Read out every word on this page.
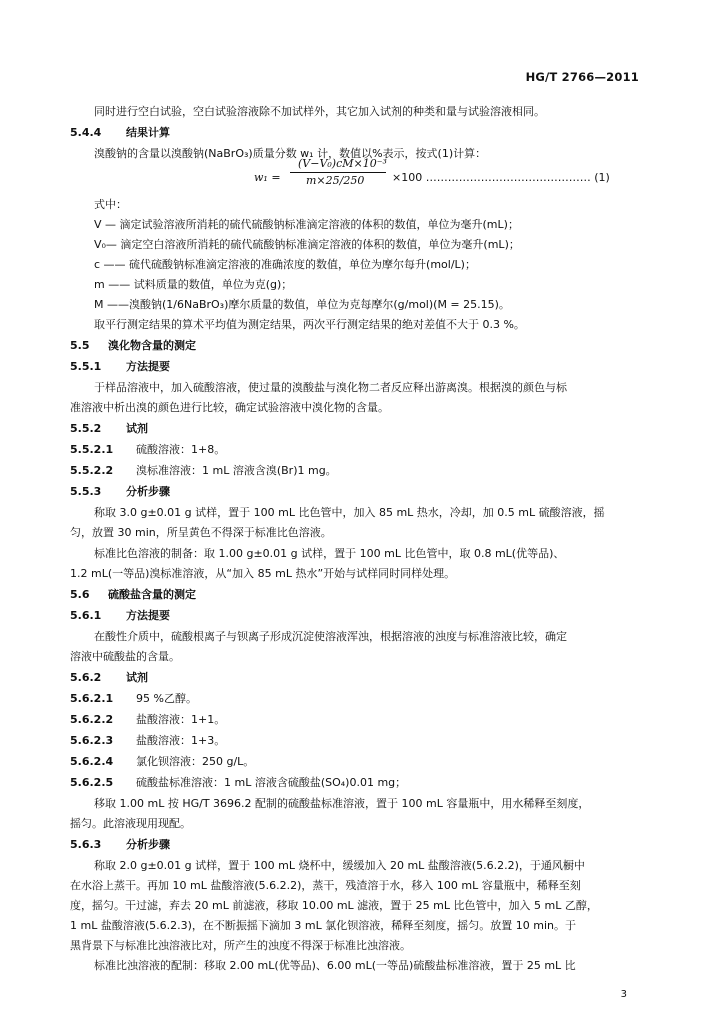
HG/T 2766—2011
同时进行空白试验，空白试验溶液除不加试样外，其它加入试剂的种类和量与试验溶液相同。
5.4.4 结果计算
溴酸钠的含量以溴酸钠(NaBrO₃)质量分数 w₁ 计，数值以%表示，按式(1)计算：
w₁ =
(V−V₀)cM×10⁻³
m×25/250	×100 ……………………………………… (1)
式中：
V — 滴定试验溶液所消耗的硫代硫酸钠标准滴定溶液的体积的数值，单位为毫升(mL)；
V₀— 滴定空白溶液所消耗的硫代硫酸钠标准滴定溶液的体积的数值，单位为毫升(mL)；
c —— 硫代硫酸钠标准滴定溶液的准确浓度的数值，单位为摩尔每升(mol/L)；
m —— 试料质量的数值，单位为克(g)；
M ——溴酸钠(1/6NaBrO₃)摩尔质量的数值，单位为克每摩尔(g/mol)(M = 25.15)。
取平行测定结果的算术平均值为测定结果，两次平行测定结果的绝对差值不大于 0.3 %。
5.5 溴化物含量的测定
5.5.1 方法提要
于样品溶液中，加入硫酸溶液，使过量的溴酸盐与溴化物二者反应释出游离溴。根据溴的颜色与标
准溶液中析出溴的颜色进行比较，确定试验溶液中溴化物的含量。
5.5.2 试剂
5.5.2.1 硫酸溶液：1+8。
5.5.2.2 溴标准溶液：1 mL 溶液含溴(Br)1 mg。
5.5.3 分析步骤
称取 3.0 g±0.01 g 试样，置于 100 mL 比色管中，加入 85 mL 热水，冷却，加 0.5 mL 硫酸溶液，摇
匀，放置 30 min，所呈黄色不得深于标准比色溶液。
标准比色溶液的制备：取 1.00 g±0.01 g 试样，置于 100 mL 比色管中，取 0.8 mL(优等品)、
1.2 mL(一等品)溴标准溶液，从“加入 85 mL 热水”开始与试样同时同样处理。
5.6 硫酸盐含量的测定
5.6.1 方法提要
在酸性介质中，硫酸根离子与钡离子形成沉淀使溶液浑浊，根据溶液的浊度与标准溶液比较，确定
溶液中硫酸盐的含量。
5.6.2 试剂
5.6.2.1 95 %乙醇。
5.6.2.2 盐酸溶液：1+1。
5.6.2.3 盐酸溶液：1+3。
5.6.2.4 氯化钡溶液：250 g/L。
5.6.2.5 硫酸盐标准溶液：1 mL 溶液含硫酸盐(SO₄)0.01 mg；
移取 1.00 mL 按 HG/T 3696.2 配制的硫酸盐标准溶液，置于 100 mL 容量瓶中，用水稀释至刻度，
摇匀。此溶液现用现配。
5.6.3 分析步骤
称取 2.0 g±0.01 g 试样，置于 100 mL 烧杯中，缓缓加入 20 mL 盐酸溶液(5.6.2.2)，于通风橱中
在水浴上蒸干。再加 10 mL 盐酸溶液(5.6.2.2)，蒸干，残渣溶于水，移入 100 mL 容量瓶中，稀释至刻
度，摇匀。干过滤，弃去 20 mL 前滤液，移取 10.00 mL 滤液，置于 25 mL 比色管中，加入 5 mL 乙醇，
1 mL 盐酸溶液(5.6.2.3)，在不断振摇下滴加 3 mL 氯化钡溶液，稀释至刻度，摇匀。放置 10 min。于
黑背景下与标准比浊溶液比对，所产生的浊度不得深于标准比浊溶液。
标准比浊溶液的配制：移取 2.00 mL(优等品)、6.00 mL(一等品)硫酸盐标准溶液，置于 25 mL 比
3
